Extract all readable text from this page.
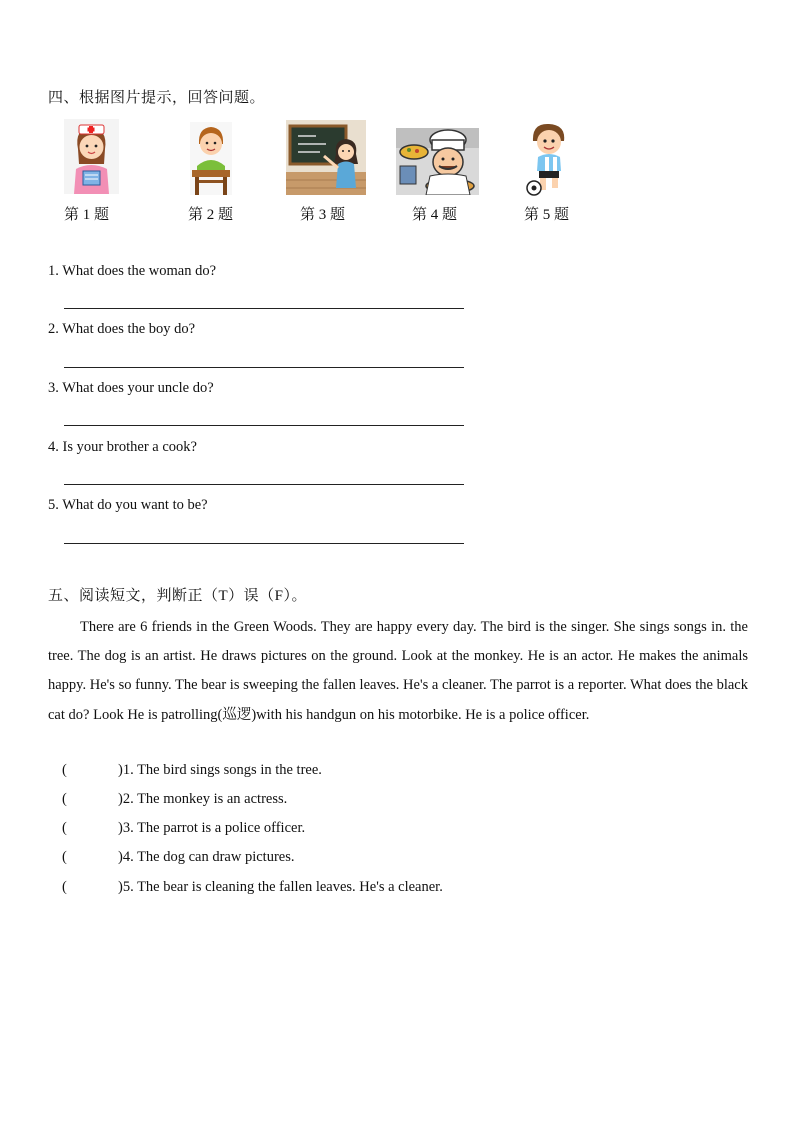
四、根据图片提示，回答问题。
第 1 题	第 2 题	第 3 题	第 4 题	第 5 题
1. What does the woman do?
2. What does the boy do?
3. What does your uncle do?
4. Is your brother a cook?
5. What do you want to be?
五、阅读短文，判断正（T）误（F）。

There are 6 friends in the Green Woods. They are happy every day. The bird is the singer. She sings songs in. the tree. The dog is an artist. He draws pictures on the ground. Look at the monkey. He is an actor. He makes the animals happy. He's so funny. The bear is sweeping the fallen leaves. He's a cleaner. The parrot is a reporter. What does the black cat do? Look He is patrolling(巡逻)with his handgun on his motorbike. He is a police officer.

(	)1. The bird sings songs in the tree.
(	)2. The monkey is an actress.
(	)3. The parrot is a police officer.
(	)4. The dog can draw pictures.
(	)5. The bear is cleaning the fallen leaves. He's a cleaner.
